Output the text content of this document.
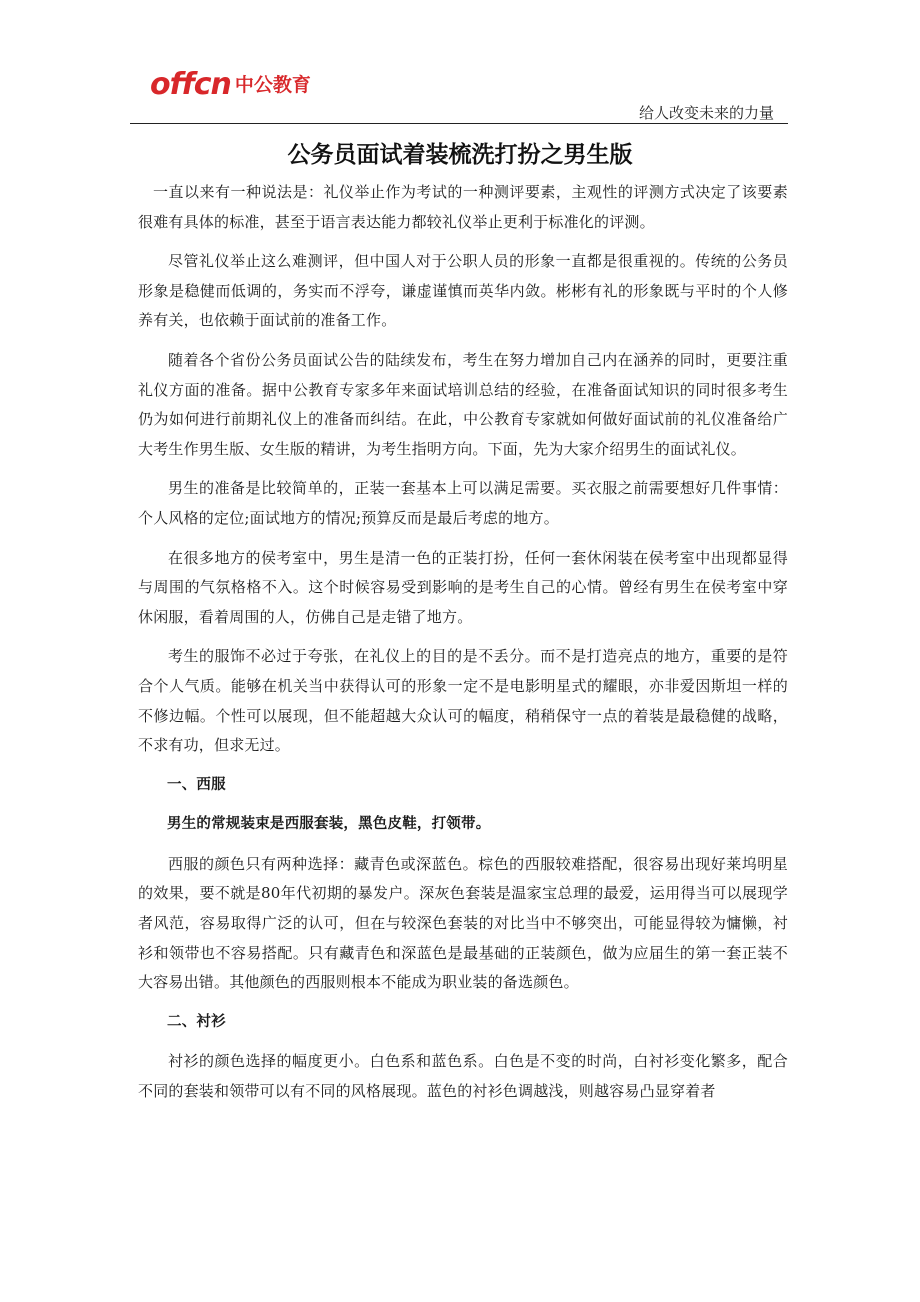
offcn 中公教育
给人改变未来的力量
公务员面试着装梳洗打扮之男生版

一直以来有一种说法是：礼仪举止作为考试的一种测评要素，主观性的评测方式决定了该要素很难有具体的标准，甚至于语言表达能力都较礼仪举止更利于标准化的评测。

尽管礼仪举止这么难测评，但中国人对于公职人员的形象一直都是很重视的。传统的公务员形象是稳健而低调的，务实而不浮夸，谦虚谨慎而英华内敛。彬彬有礼的形象既与平时的个人修养有关，也依赖于面试前的准备工作。

随着各个省份公务员面试公告的陆续发布，考生在努力增加自己内在涵养的同时，更要注重礼仪方面的准备。据中公教育专家多年来面试培训总结的经验，在准备面试知识的同时很多考生仍为如何进行前期礼仪上的准备而纠结。在此，中公教育专家就如何做好面试前的礼仪准备给广大考生作男生版、女生版的精讲，为考生指明方向。下面，先为大家介绍男生的面试礼仪。

男生的准备是比较简单的，正装一套基本上可以满足需要。买衣服之前需要想好几件事情：个人风格的定位;面试地方的情况;预算反而是最后考虑的地方。

在很多地方的侯考室中，男生是清一色的正装打扮，任何一套休闲装在侯考室中出现都显得与周围的气氛格格不入。这个时候容易受到影响的是考生自己的心情。曾经有男生在侯考室中穿休闲服，看着周围的人，仿佛自己是走错了地方。

考生的服饰不必过于夸张，在礼仪上的目的是不丢分。而不是打造亮点的地方，重要的是符合个人气质。能够在机关当中获得认可的形象一定不是电影明星式的耀眼，亦非爱因斯坦一样的不修边幅。个性可以展现，但不能超越大众认可的幅度，稍稍保守一点的着装是最稳健的战略，不求有功，但求无过。

一、西服

男生的常规装束是西服套装，黑色皮鞋，打领带。

西服的颜色只有两种选择：藏青色或深蓝色。棕色的西服较难搭配，很容易出现好莱坞明星的效果，要不就是80年代初期的暴发户。深灰色套装是温家宝总理的最爱，运用得当可以展现学者风范，容易取得广泛的认可，但在与较深色套装的对比当中不够突出，可能显得较为慵懒，衬衫和领带也不容易搭配。只有藏青色和深蓝色是最基础的正装颜色，做为应届生的第一套正装不大容易出错。其他颜色的西服则根本不能成为职业装的备选颜色。

二、衬衫

衬衫的颜色选择的幅度更小。白色系和蓝色系。白色是不变的时尚，白衬衫变化繁多，配合不同的套装和领带可以有不同的风格展现。蓝色的衬衫色调越浅，则越容易凸显穿着者
